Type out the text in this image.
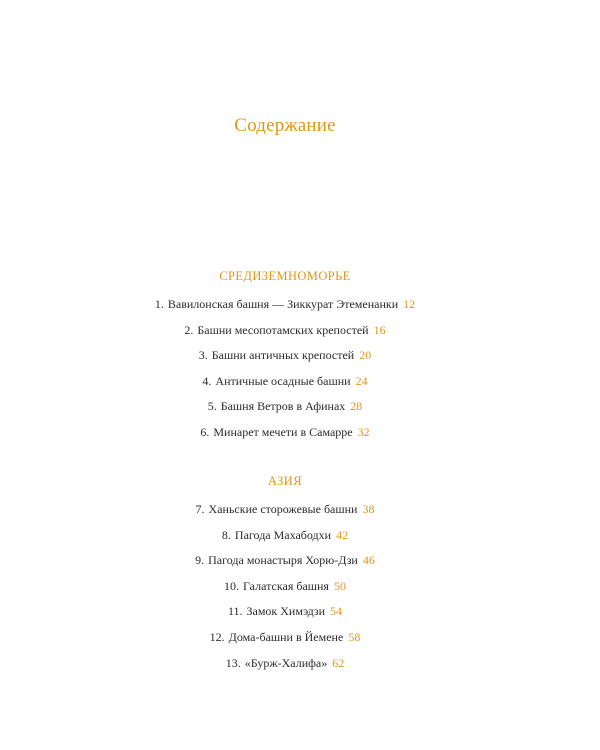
Содержание
СРЕДИЗЕМНОМОРЬЕ
1. Вавилонская башня — Зиккурат Этеменанки 12
2. Башни месопотамских крепостей 16
3. Башни античных крепостей 20
4. Античные осадные башни 24
5. Башня Ветров в Афинах 28
6. Минарет мечети в Самарре 32
АЗИЯ
7. Ханьские сторожевые башни 38
8. Пагода Махабодхи 42
9. Пагода монастыря Хорю-Дзи 46
10. Галатская башня 50
11. Замок Химэдзи 54
12. Дома-башни в Йемене 58
13. «Бурж-Халифа» 62
